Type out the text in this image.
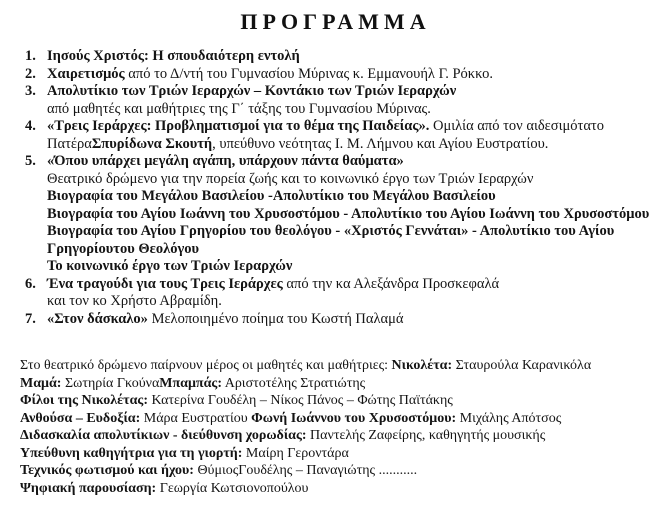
ΠΡΟΓΡΑΜΜΑ
1. Ιησούς Χριστός: Η σπουδαιότερη εντολή
2. Χαιρετισμός από το Δ/ντή του Γυμνασίου Μύρινας κ. Εμμανουήλ Γ. Ρόκκο.
3. Απολυτίκιο των Τριών Ιεραρχών – Κοντάκιο των Τριών Ιεραρχών
από μαθητές και μαθήτριες της Γ΄ τάξης του Γυμνασίου Μύρινας.
4. «Τρεις Ιεράρχες: Προβληματισμοί για το θέμα της Παιδείας». Ομιλία από τον αιδεσιμότατο
ΠατέραΣπυρίδωνα Σκουτή, υπεύθυνο νεότητας Ι. Μ. Λήμνου και Αγίου Ευστρατίου.
5. «Όπου υπάρχει μεγάλη αγάπη, υπάρχουν πάντα θαύματα»
Θεατρικό δρώμενο για την πορεία ζωής και το κοινωνικό έργο των Τριών Ιεραρχών
Βιογραφία του Μεγάλου Βασιλείου -Απολυτίκιο του Μεγάλου Βασιλείου
Βιογραφία του Αγίου Ιωάννη του Χρυσοστόμου - Απολυτίκιο του Αγίου Ιωάννη του Χρυσοστόμου
Βιογραφία του Αγίου Γρηγορίου του θεολόγου - «Χριστός Γεννάται» - Απολυτίκιο του Αγίου
Γρηγορίουτου Θεολόγου
Το κοινωνικό έργο των Τριών Ιεραρχών
6. Ένα τραγούδι για τους Τρεις Ιεράρχες από την κα Αλεξάνδρα Προσκεφαλά
και τον κο Χρήστο Αβραμίδη.
7. «Στον δάσκαλο» Μελοποιημένο ποίημα του Κωστή Παλαμά
Στο θεατρικό δρώμενο παίρνουν μέρος οι μαθητές και μαθήτριες: Νικολέτα: Σταυρούλα Καρανικόλα
Μαμά: Σωτηρία ΓκούναΜπαμπάς: Αριστοτέλης Στρατιώτης
Φίλοι της Νικολέτας: Κατερίνα Γουδέλη – Νίκος Πάνος – Φώτης Παϊτάκης
Ανθούσα – Ευδοξία: Μάρα Ευστρατίου Φωνή Ιωάννου του Χρυσοστόμου: Μιχάλης Απότσος
Διδασκαλία απολυτίκιων - διεύθυνση χορωδίας: Παντελής Ζαφείρης, καθηγητής μουσικής
Υπεύθυνη καθηγήτρια για τη γιορτή: Μαίρη Γεροντάρα
Τεχνικός φωτισμού και ήχου: ΘύμιοςΓουδέλης – Παναγιώτης ...........
Ψηφιακή παρουσίαση: Γεωργία Κωτσιονοπούλου
